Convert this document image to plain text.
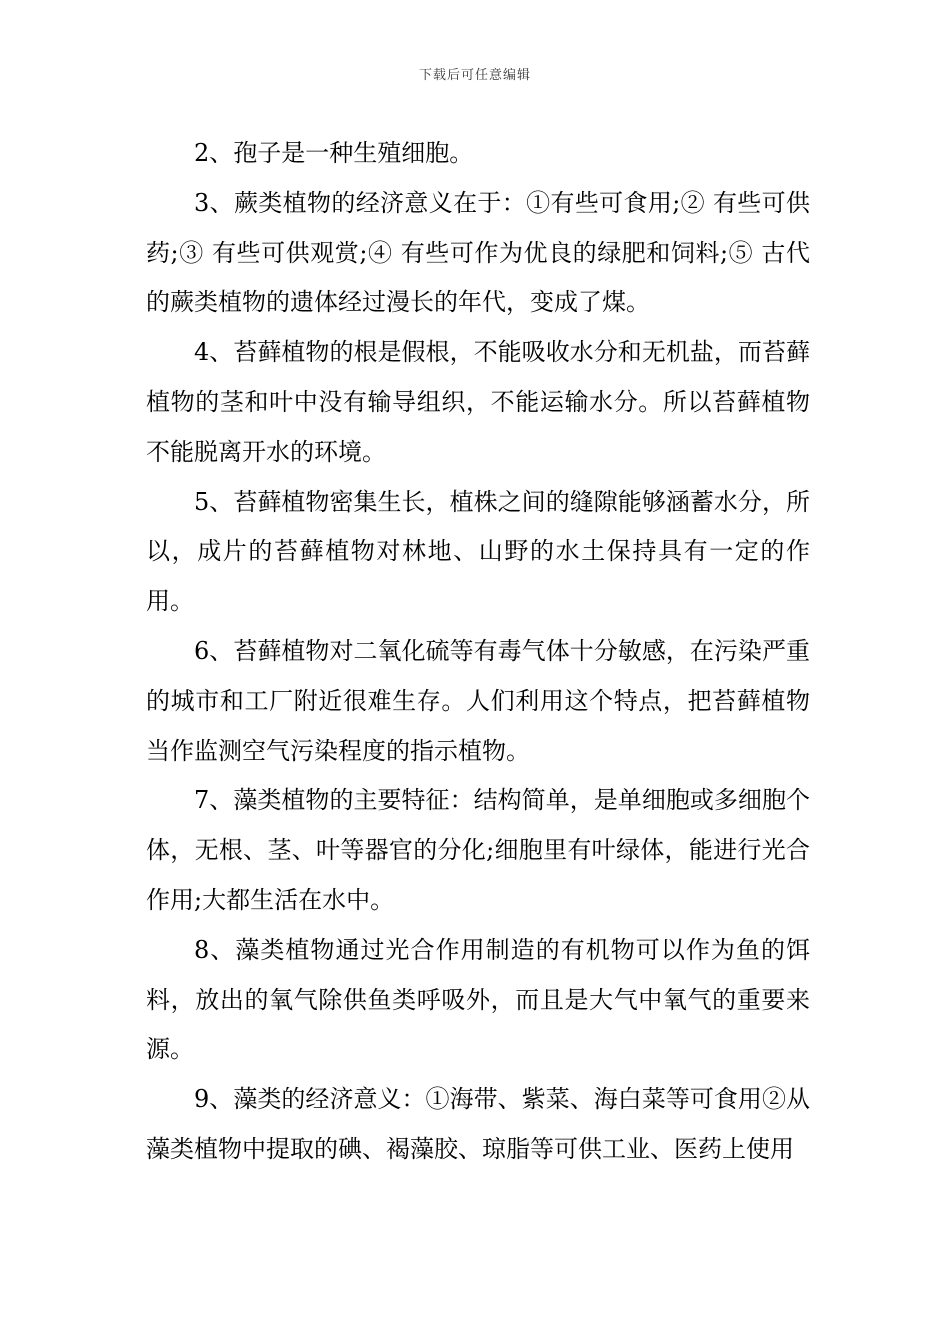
下载后可任意编辑

2、孢子是一种生殖细胞。

3、蕨类植物的经济意义在于：①有些可食用;② 有些可供药;③ 有些可供观赏;④ 有些可作为优良的绿肥和饲料;⑤ 古代的蕨类植物的遗体经过漫长的年代，变成了煤。

4、苔藓植物的根是假根，不能吸收水分和无机盐，而苔藓植物的茎和叶中没有输导组织，不能运输水分。所以苔藓植物不能脱离开水的环境。

5、苔藓植物密集生长，植株之间的缝隙能够涵蓄水分，所以，成片的苔藓植物对林地、山野的水土保持具有一定的作用。

6、苔藓植物对二氧化硫等有毒气体十分敏感，在污染严重的城市和工厂附近很难生存。人们利用这个特点，把苔藓植物当作监测空气污染程度的指示植物。

7、藻类植物的主要特征：结构简单，是单细胞或多细胞个体，无根、茎、叶等器官的分化;细胞里有叶绿体，能进行光合作用;大都生活在水中。

8、藻类植物通过光合作用制造的有机物可以作为鱼的饵料，放出的氧气除供鱼类呼吸外，而且是大气中氧气的重要来源。

9、藻类的经济意义：①海带、紫菜、海白菜等可食用②从藻类植物中提取的碘、褐藻胶、琼脂等可供工业、医药上使用
